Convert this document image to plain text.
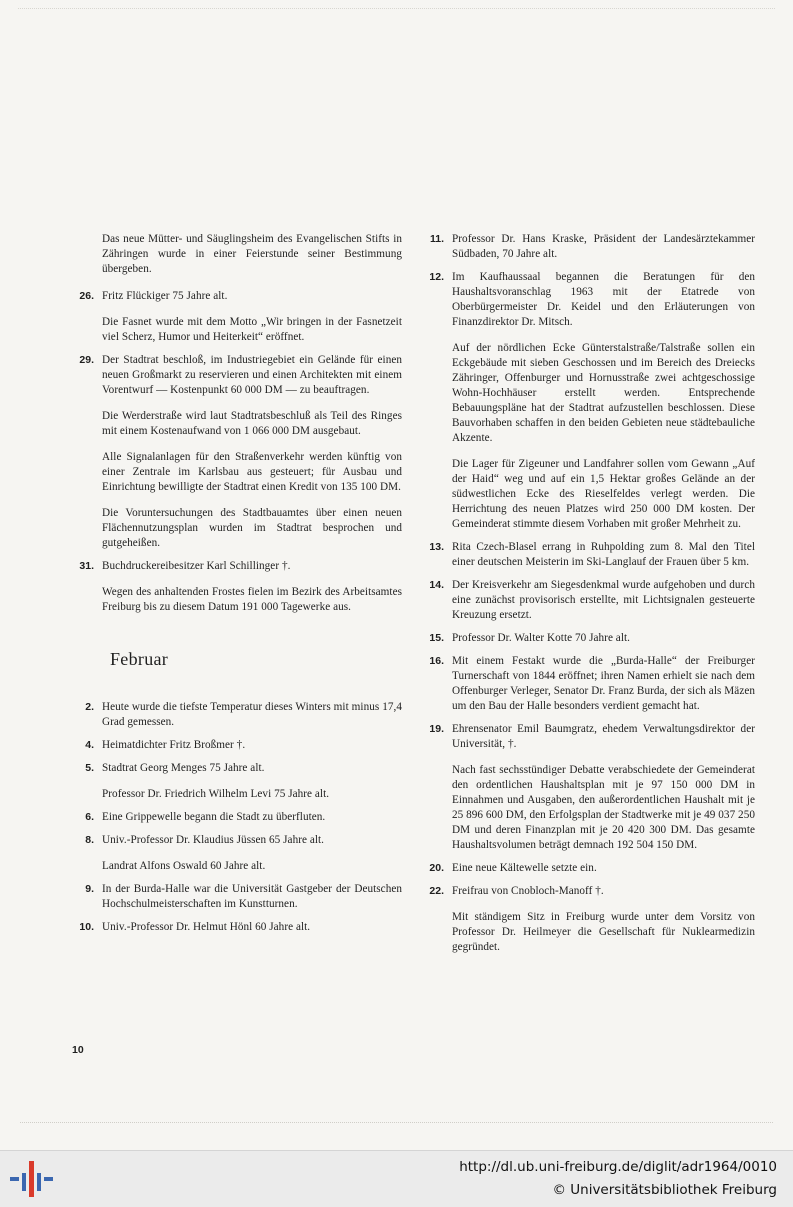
Das neue Mütter- und Säuglingsheim des Evangelischen Stifts in Zähringen wurde in einer Feierstunde seiner Bestimmung übergeben.

26. Fritz Flückiger 75 Jahre alt.

Die Fasnet wurde mit dem Motto „Wir bringen in der Fasnetzeit viel Scherz, Humor und Heiterkeit“ eröffnet.

29. Der Stadtrat beschloß, im Industriegebiet ein Gelände für einen neuen Großmarkt zu reservieren und einen Architekten mit einem Vorentwurf — Kostenpunkt 60 000 DM — zu beauftragen.

Die Werderstraße wird laut Stadtratsbeschluß als Teil des Ringes mit einem Kostenaufwand von 1 066 000 DM ausgebaut.

Alle Signalanlagen für den Straßenverkehr werden künftig von einer Zentrale im Karlsbau aus gesteuert; für Ausbau und Einrichtung bewilligte der Stadtrat einen Kredit von 135 100 DM.

Die Voruntersuchungen des Stadtbauamtes über einen neuen Flächennutzungsplan wurden im Stadtrat besprochen und gutgeheißen.

31. Buchdruckereibesitzer Karl Schillinger †.

Wegen des anhaltenden Frostes fielen im Bezirk des Arbeitsamtes Freiburg bis zu diesem Datum 191 000 Tagewerke aus.

Februar
2. Heute wurde die tiefste Temperatur dieses Winters mit minus 17,4 Grad gemessen.

4. Heimatdichter Fritz Broßmer †.

5. Stadtrat Georg Menges 75 Jahre alt.

Professor Dr. Friedrich Wilhelm Levi 75 Jahre alt.

6. Eine Grippewelle begann die Stadt zu überfluten.

8. Univ.-Professor Dr. Klaudius Jüssen 65 Jahre alt.

Landrat Alfons Oswald 60 Jahre alt.

9. In der Burda-Halle war die Universität Gastgeber der Deutschen Hochschulmeisterschaften im Kunstturnen.

10. Univ.-Professor Dr. Helmut Hönl 60 Jahre alt.

11. Professor Dr. Hans Kraske, Präsident der Landesärztekammer Südbaden, 70 Jahre alt.

12. Im Kaufhaussaal begannen die Beratungen für den Haushaltsvoranschlag 1963 mit der Etatrede von Oberbürgermeister Dr. Keidel und den Erläuterungen von Finanzdirektor Dr. Mitsch.

Auf der nördlichen Ecke Günterstalstraße/Talstraße sollen ein Eckgebäude mit sieben Geschossen und im Bereich des Dreiecks Zähringer, Offenburger und Hornusstraße zwei achtgeschossige Wohn-Hochhäuser erstellt werden. Entsprechende Bebauungspläne hat der Stadtrat aufzustellen beschlossen. Diese Bauvorhaben schaffen in den beiden Gebieten neue städtebauliche Akzente.

Die Lager für Zigeuner und Landfahrer sollen vom Gewann „Auf der Haid“ weg und auf ein 1,5 Hektar großes Gelände an der südwestlichen Ecke des Rieselfeldes verlegt werden. Die Herrichtung des neuen Platzes wird 250 000 DM kosten. Der Gemeinderat stimmte diesem Vorhaben mit großer Mehrheit zu.

13. Rita Czech-Blasel errang in Ruhpolding zum 8. Mal den Titel einer deutschen Meisterin im Ski-Langlauf der Frauen über 5 km.

14. Der Kreisverkehr am Siegesdenkmal wurde aufgehoben und durch eine zunächst provisorisch erstellte, mit Lichtsignalen gesteuerte Kreuzung ersetzt.

15. Professor Dr. Walter Kotte 70 Jahre alt.

16. Mit einem Festakt wurde die „Burda-Halle“ der Freiburger Turnerschaft von 1844 eröffnet; ihren Namen erhielt sie nach dem Offenburger Verleger, Senator Dr. Franz Burda, der sich als Mäzen um den Bau der Halle besonders verdient gemacht hat.

19. Ehrensenator Emil Baumgratz, ehedem Verwaltungsdirektor der Universität, †.

Nach fast sechsstündiger Debatte verabschiedete der Gemeinderat den ordentlichen Haushaltsplan mit je 97 150 000 DM in Einnahmen und Ausgaben, den außerordentlichen Haushalt mit je 25 896 600 DM, den Erfolgsplan der Stadtwerke mit je 49 037 250 DM und deren Finanzplan mit je 20 420 300 DM. Das gesamte Haushaltsvolumen beträgt demnach 192 504 150 DM.

20. Eine neue Kältewelle setzte ein.

22. Freifrau von Cnobloch-Manoff †.

Mit ständigem Sitz in Freiburg wurde unter dem Vorsitz von Professor Dr. Heilmeyer die Gesellschaft für Nuklearmedizin gegründet.

10
http://dl.ub.uni-freiburg.de/diglit/adr1964/0010
© Universitätsbibliothek Freiburg
